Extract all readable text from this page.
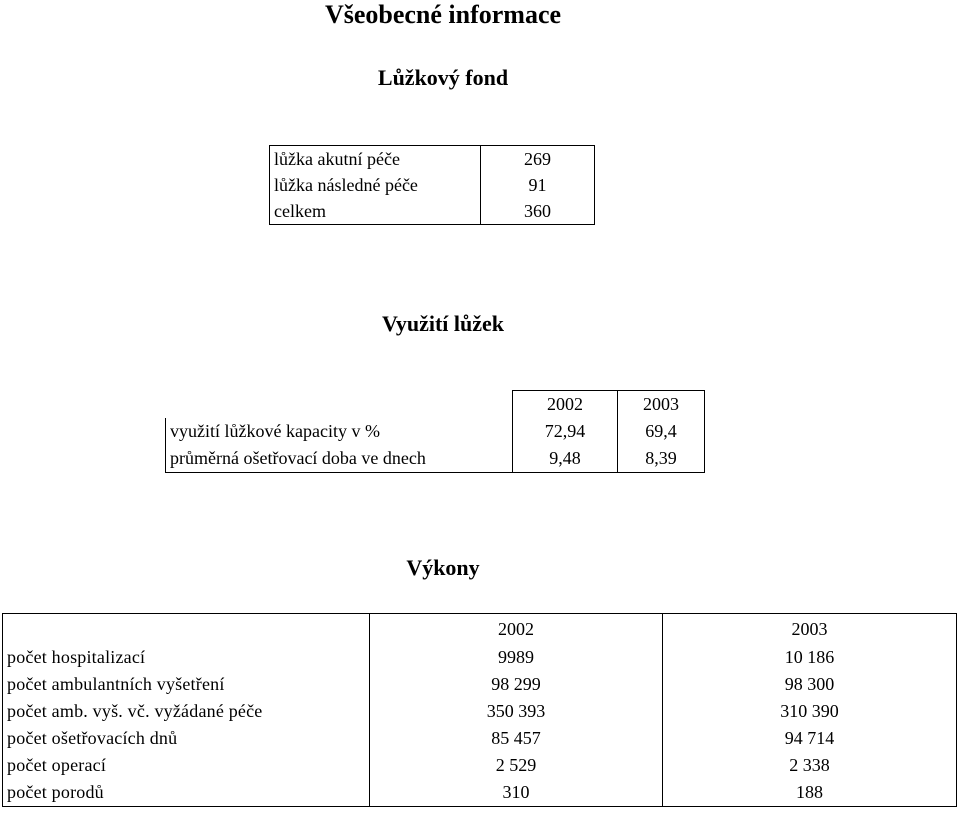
Všeobecné informace
Lůžkový fond
lůžka akutní péče	269
lůžka následné péče	91
celkem	360
Využití lůžek
	2002	2003
využití lůžkové kapacity v %	72,94	69,4
průměrná ošetřovací doba ve dnech	9,48	8,39
Výkony
	2002	2003
počet hospitalizací	9989	10 186
počet ambulantních vyšetření	98 299	98 300
počet amb. vyš. vč. vyžádané péče	350 393	310 390
počet ošetřovacích dnů	85 457	94 714
počet operací	2 529	2 338
počet porodů	310	188
